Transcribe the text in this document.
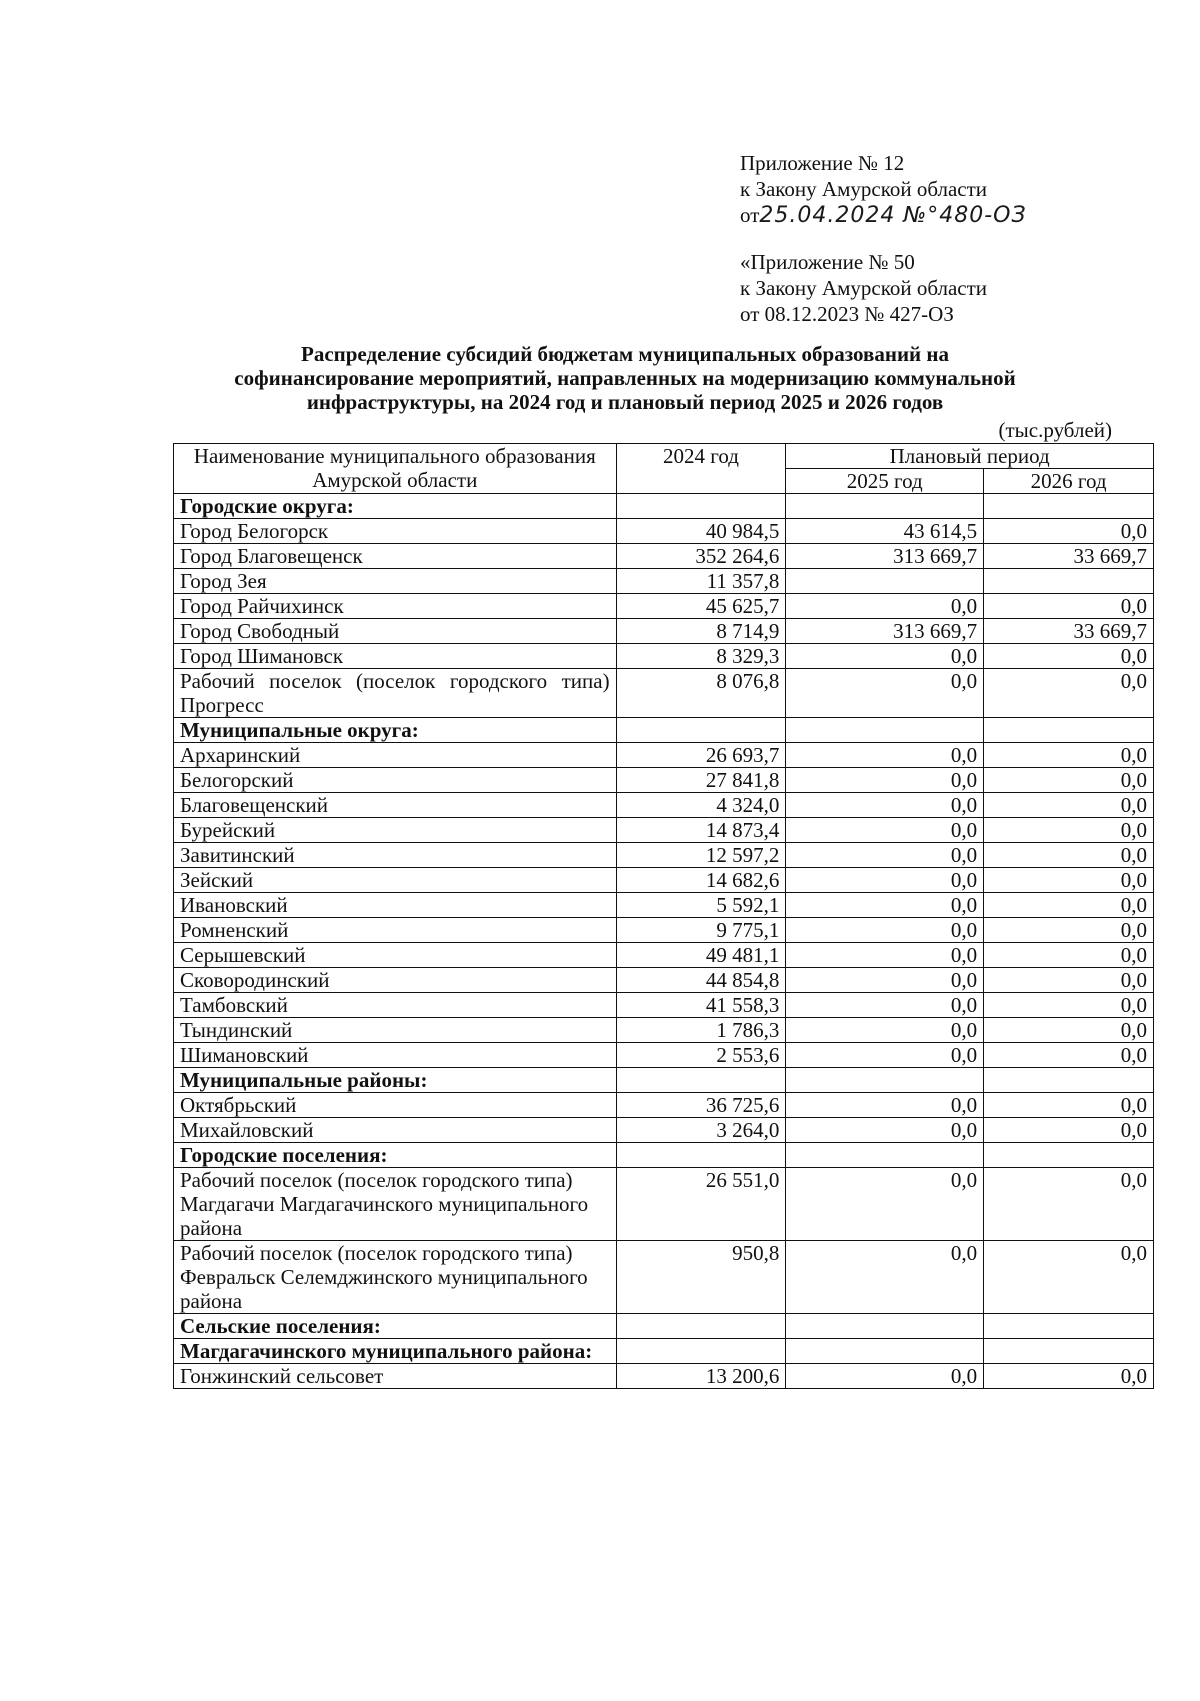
Приложение № 12
к Закону Амурской области
от25.04.2024 №°480-ОЗ
«Приложение № 50
к Закону Амурской области
от 08.12.2023 № 427-ОЗ
Распределение субсидий бюджетам муниципальных образований на
софинансирование мероприятий, направленных на модернизацию коммунальной
инфраструктуры, на 2024 год и плановый период 2025 и 2026 годов
(тыс.рублей)
Наименование муниципального образования Амурской области	2024 год	Плановый период	
		2025 год	2026 год
Городские округа:			
Город Белогорск	40 984,5	43 614,5	0,0
Город Благовещенск	352 264,6	313 669,7	33 669,7
Город Зея	11 357,8		
Город Райчихинск	45 625,7	0,0	0,0
Город Свободный	8 714,9	313 669,7	33 669,7
Город Шимановск	8 329,3	0,0	0,0
Рабочий поселок (поселок городского типа) Прогресс	8 076,8	0,0	0,0
Муниципальные округа:			
Архаринский	26 693,7	0,0	0,0
Белогорский	27 841,8	0,0	0,0
Благовещенский	4 324,0	0,0	0,0
Бурейский	14 873,4	0,0	0,0
Завитинский	12 597,2	0,0	0,0
Зейский	14 682,6	0,0	0,0
Ивановский	5 592,1	0,0	0,0
Ромненский	9 775,1	0,0	0,0
Серышевский	49 481,1	0,0	0,0
Сковородинский	44 854,8	0,0	0,0
Тамбовский	41 558,3	0,0	0,0
Тындинский	1 786,3	0,0	0,0
Шимановский	2 553,6	0,0	0,0
Муниципальные районы:			
Октябрьский	36 725,6	0,0	0,0
Михайловский	3 264,0	0,0	0,0
Городские поселения:			
Рабочий поселок (поселок городского типа) Магдагачи Магдагачинского муниципального района	26 551,0	0,0	0,0
Рабочий поселок (поселок городского типа) Февральск Селемджинского муниципального района	950,8	0,0	0,0
Сельские поселения:			
Магдагачинского муниципального района:			
Гонжинский сельсовет	13 200,6	0,0	0,0
